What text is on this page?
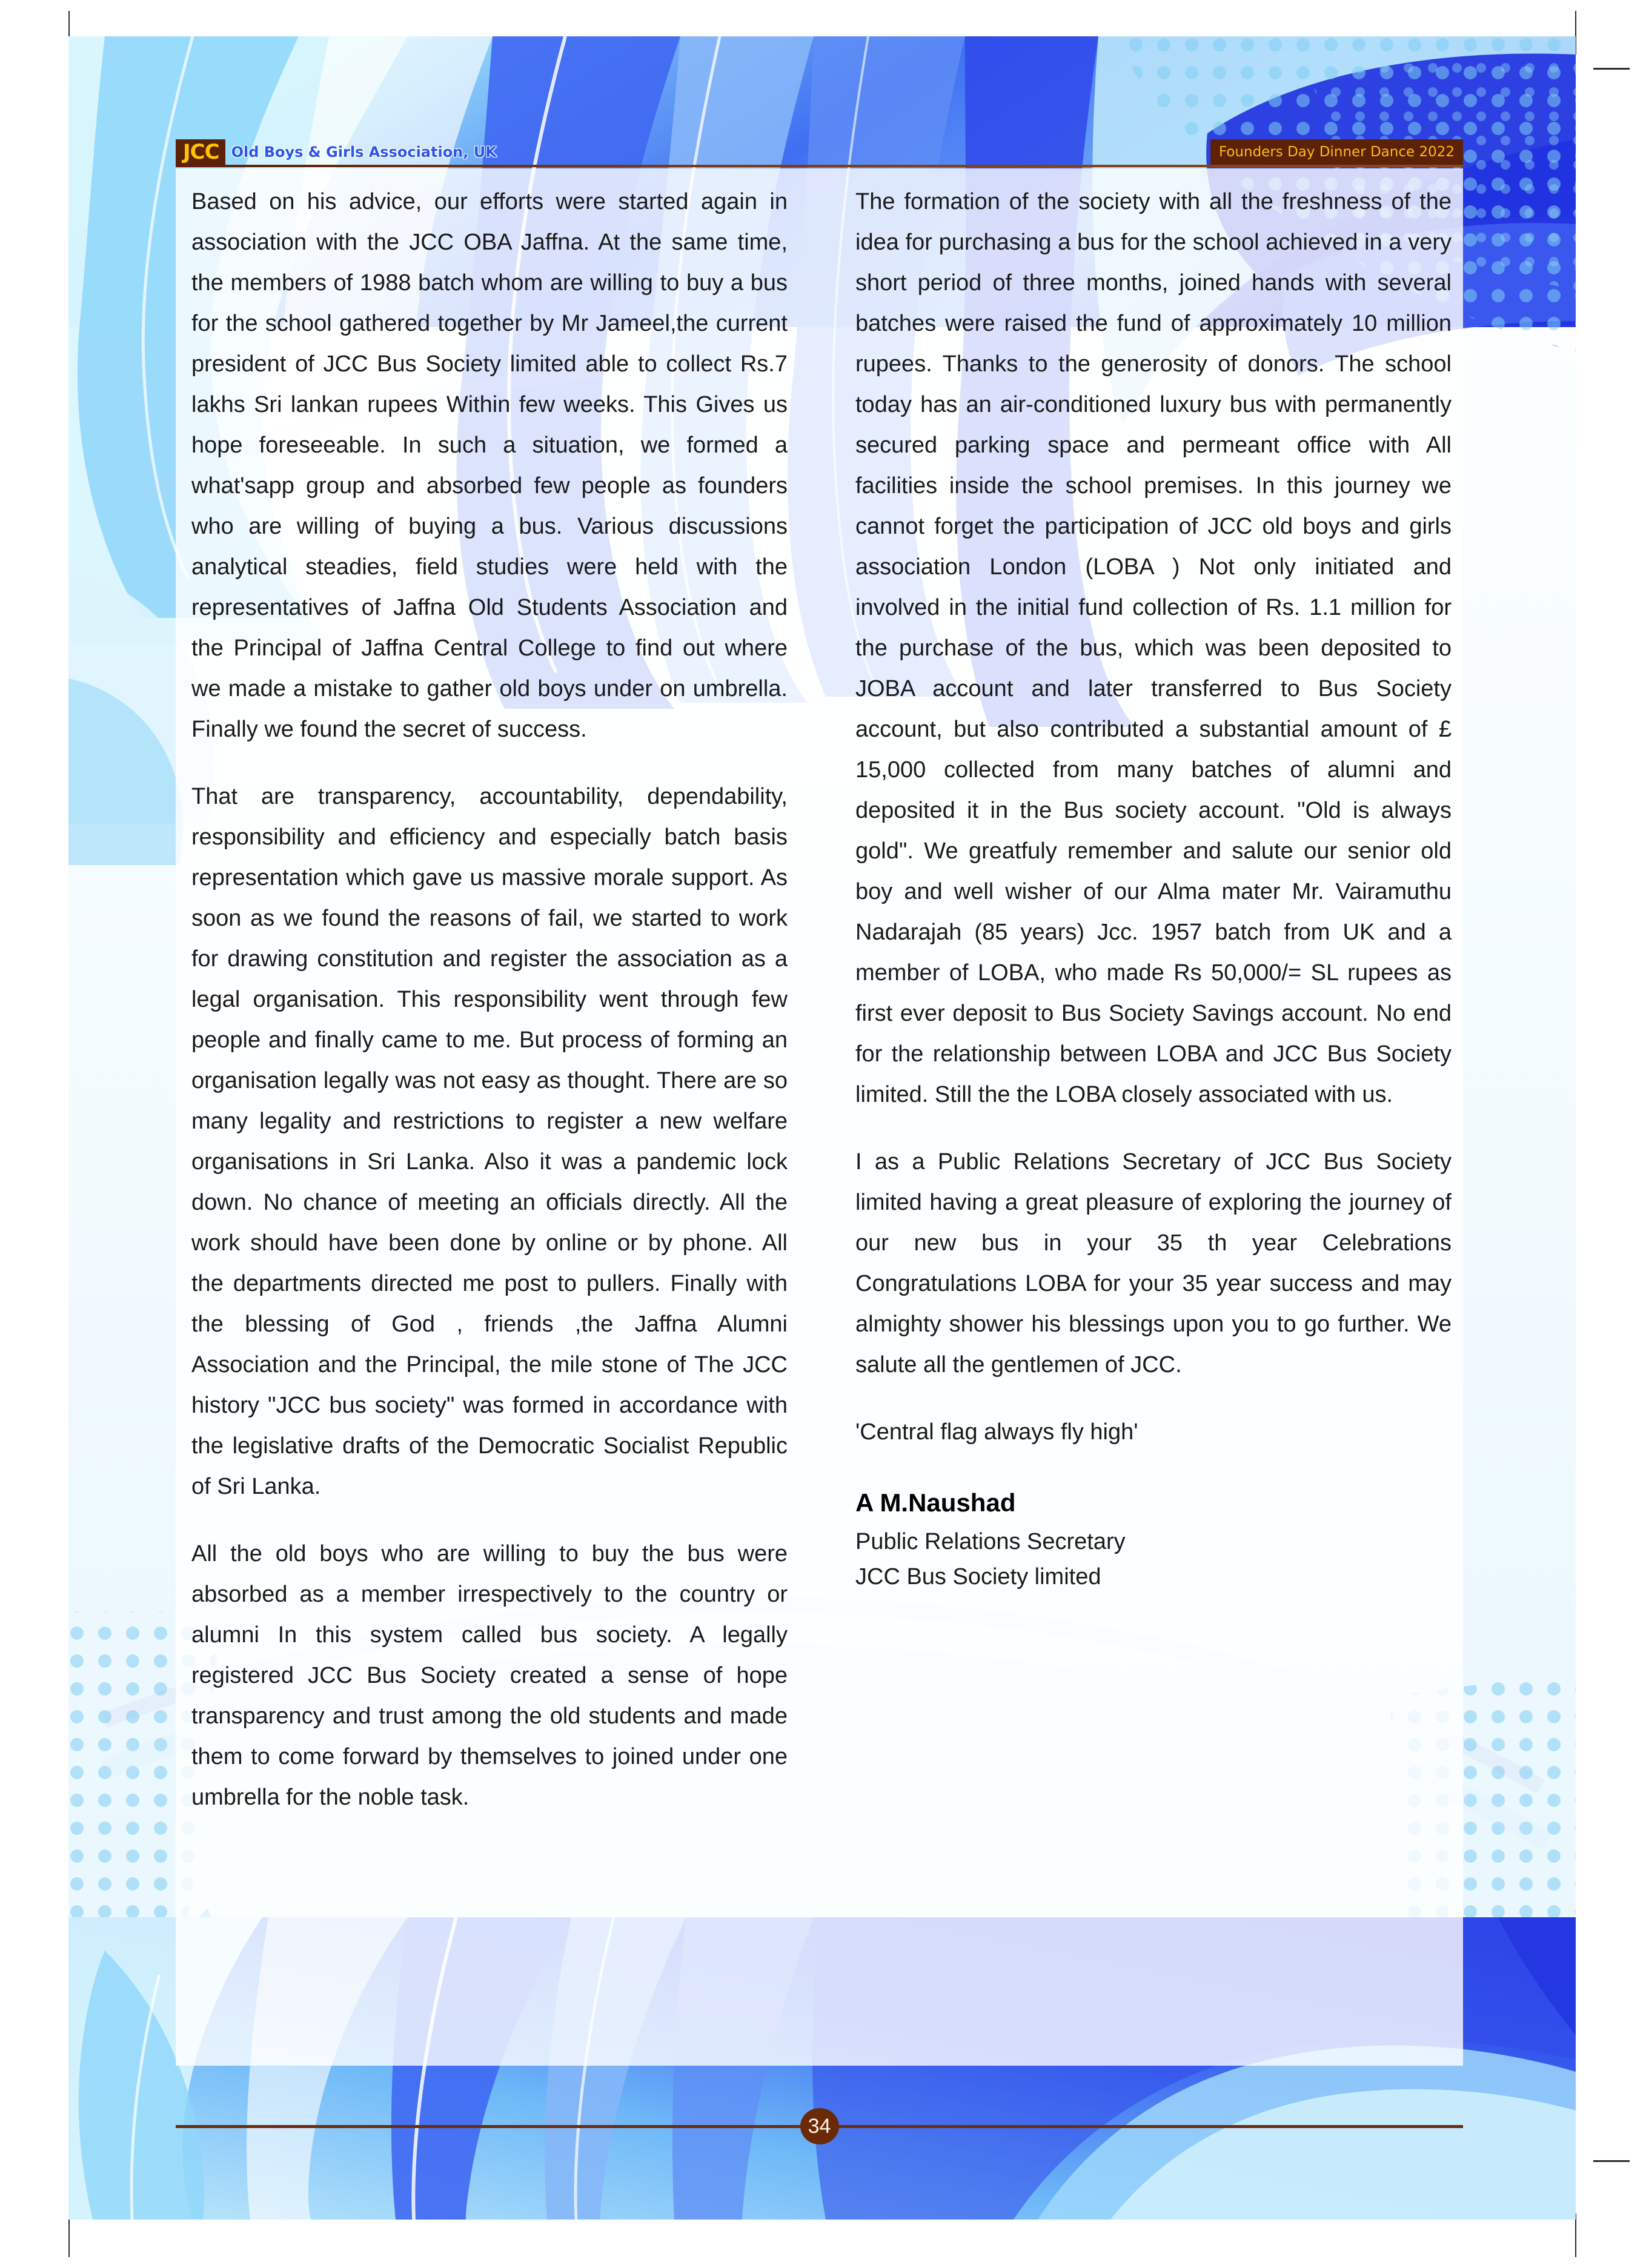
JCC Old Boys & Girls Association, UK	Founders Day Dinner Dance 2022

Based on his advice, our efforts were started again in association with the JCC OBA Jaffna. At the same time, the members of 1988 batch whom are willing to buy a bus for the school gathered together by Mr Jameel,the current president of JCC Bus Society limited able to collect Rs.7 lakhs Sri lankan rupees Within few weeks. This Gives us hope foreseeable. In such a situation, we formed a what'sapp group and absorbed few people as founders who are willing of buying a bus. Various discussions analytical steadies, field studies were held with the representatives of Jaffna Old Students Association and the Principal of Jaffna Central College to find out where we made a mistake to gather old boys under on umbrella. Finally we found the secret of success.

That are transparency, accountability, dependability, responsibility and efficiency and especially batch basis representation which gave us massive morale support. As soon as we found the reasons of fail, we started to work for drawing constitution and register the association as a legal organisation. This responsibility went through few people and finally came to me. But process of forming an organisation legally was not easy as thought. There are so many legality and restrictions to register a new welfare organisations in Sri Lanka. Also it was a pandemic lock down. No chance of meeting an officials directly. All the work should have been done by online or by phone. All the departments directed me post to pullers. Finally with the blessing of God , friends ,the Jaffna Alumni Association and the Principal, the mile stone of The JCC history "JCC bus society" was formed in accordance with the legislative drafts of the Democratic Socialist Republic of Sri Lanka.

All the old boys who are willing to buy the bus were absorbed as a member irrespectively to the country or alumni In this system called bus society. A legally registered JCC Bus Society created a sense of hope transparency and trust among the old students and made them to come forward by themselves to joined under one umbrella for the noble task.

The formation of the society with all the freshness of the idea for purchasing a bus for the school achieved in a very short period of three months, joined hands with several batches were raised the fund of approximately 10 million rupees. Thanks to the generosity of donors. The school today has an air-conditioned luxury bus with permanently secured parking space and permeant office with All facilities inside the school premises. In this journey we cannot forget the participation of JCC old boys and girls association London (LOBA ) Not only initiated and involved in the initial fund collection of Rs. 1.1 million for the purchase of the bus, which was been deposited to JOBA account and later transferred to Bus Society account, but also contributed a substantial amount of £ 15,000 collected from many batches of alumni and deposited it in the Bus society account. "Old is always gold". We greatfuly remember and salute our senior old boy and well wisher of our Alma mater Mr. Vairamuthu Nadarajah (85 years) Jcc. 1957 batch from UK and a member of LOBA, who made Rs 50,000/= SL rupees as first ever deposit to Bus Society Savings account. No end for the relationship between LOBA and JCC Bus Society limited. Still the the LOBA closely associated with us.

I as a Public Relations Secretary of JCC Bus Society limited having a great pleasure of exploring the journey of our new bus in your 35 th year Celebrations Congratulations LOBA for your 35 year success and may almighty shower his blessings upon you to go further. We salute all the gentlemen of JCC.

'Central flag always fly high'

A M.Naushad

Public Relations Secretary

JCC Bus Society limited

34
